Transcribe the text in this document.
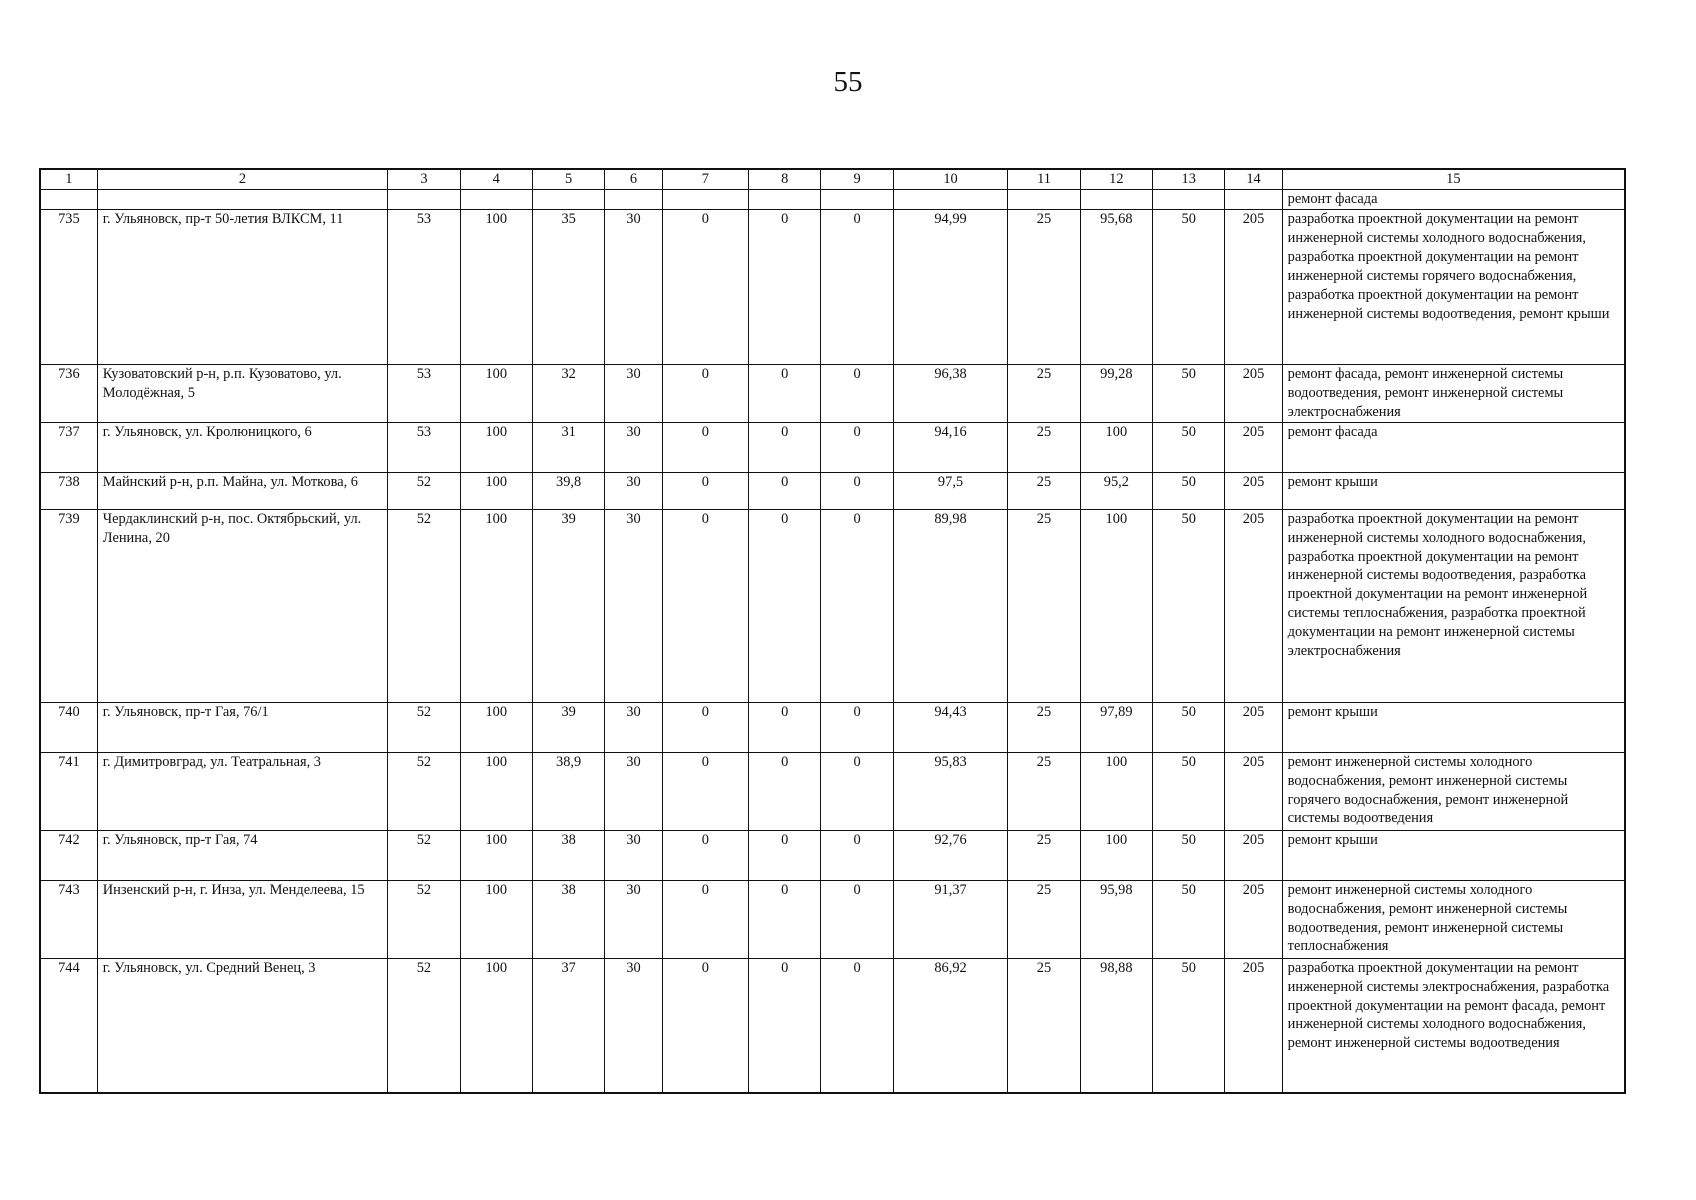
55
1	2	3	4	5	6	7	8	9	10	11	12	13	14	15
														ремонт фасада
735	г. Ульяновск, пр-т 50-летия ВЛКСМ, 11	53	100	35	30	0	0	0	94,99	25	95,68	50	205	разработка проектной документации на ремонт инженерной системы холодного водоснабжения, разработка проектной документации на ремонт инженерной системы горячего водоснабжения, разработка проектной документации на ремонт инженерной системы водоотведения, ремонт крыши
736	Кузоватовский р-н, р.п. Кузоватово, ул. Молодёжная, 5	53	100	32	30	0	0	0	96,38	25	99,28	50	205	ремонт фасада, ремонт инженерной системы водоотведения, ремонт инженерной системы электроснабжения
737	г. Ульяновск, ул. Кролюницкого, 6	53	100	31	30	0	0	0	94,16	25	100	50	205	ремонт фасада
738	Майнский р-н, р.п. Майна, ул. Моткова, 6	52	100	39,8	30	0	0	0	97,5	25	95,2	50	205	ремонт крыши
739	Чердаклинский р-н, пос. Октябрьский, ул. Ленина, 20	52	100	39	30	0	0	0	89,98	25	100	50	205	разработка проектной документации на ремонт инженерной системы холодного водоснабжения, разработка проектной документации на ремонт инженерной системы водоотведения, разработка проектной документации на ремонт инженерной системы теплоснабжения, разработка проектной документации на ремонт инженерной системы электроснабжения
740	г. Ульяновск, пр-т Гая, 76/1	52	100	39	30	0	0	0	94,43	25	97,89	50	205	ремонт крыши
741	г. Димитровград, ул. Театральная, 3	52	100	38,9	30	0	0	0	95,83	25	100	50	205	ремонт инженерной системы холодного водоснабжения, ремонт инженерной системы горячего водоснабжения, ремонт инженерной системы водоотведения
742	г. Ульяновск, пр-т Гая, 74	52	100	38	30	0	0	0	92,76	25	100	50	205	ремонт крыши
743	Инзенский р-н, г. Инза, ул. Менделеева, 15	52	100	38	30	0	0	0	91,37	25	95,98	50	205	ремонт инженерной системы холодного водоснабжения, ремонт инженерной системы водоотведения, ремонт инженерной системы теплоснабжения
744	г. Ульяновск, ул. Средний Венец, 3	52	100	37	30	0	0	0	86,92	25	98,88	50	205	разработка проектной документации на ремонт инженерной системы электроснабжения, разработка проектной документации на ремонт фасада, ремонт инженерной системы холодного водоснабжения, ремонт инженерной системы водоотведения
